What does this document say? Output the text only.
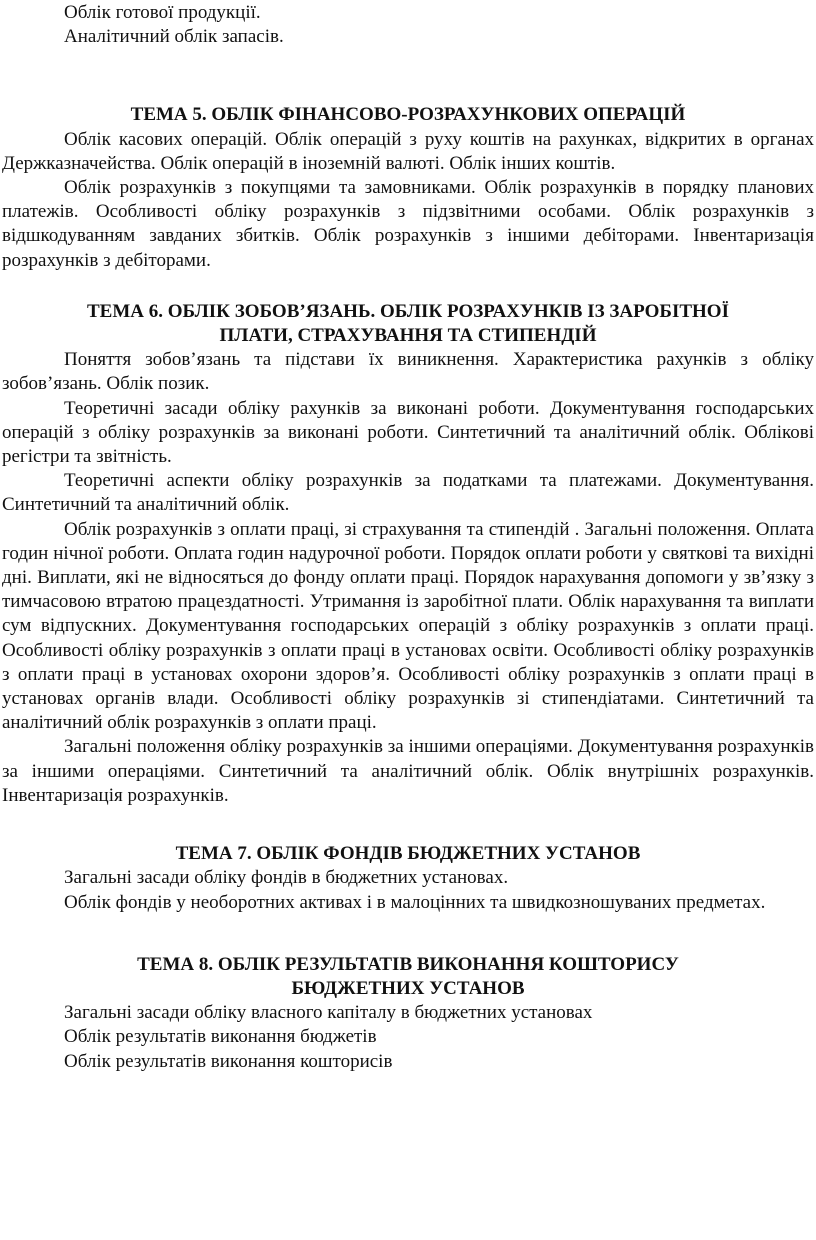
Облік готової продукції.

Аналітичний облік запасів.

ТЕМА 5. ОБЛІК ФІНАНСОВО-РОЗРАХУНКОВИХ ОПЕРАЦІЙ

Облік касових операцій. Облік операцій з руху коштів на рахунках, відкритих в органах Держказначейства. Облік операцій в іноземній валюті. Облік інших коштів.

Облік розрахунків з покупцями та замовниками. Облік розрахунків в порядку планових платежів. Особливості обліку розрахунків з підзвітними особами. Облік розрахунків з відшкодуванням завданих збитків. Облік розрахунків з іншими дебіторами. Інвентаризація розрахунків з дебіторами.

ТЕМА 6. ОБЛІК ЗОБОВ’ЯЗАНЬ. ОБЛІК РОЗРАХУНКІВ ІЗ ЗАРОБІТНОЇ
ПЛАТИ, СТРАХУВАННЯ ТА СТИПЕНДІЙ

Поняття зобов’язань та підстави їх виникнення. Характеристика рахунків з обліку зобов’язань. Облік позик.

Теоретичні засади обліку рахунків за виконані роботи. Документування господарських операцій з обліку розрахунків за виконані роботи. Синтетичний та аналітичний облік. Облікові регістри та звітність.

Теоретичні аспекти обліку розрахунків за податками та платежами. Документування. Синтетичний та аналітичний облік.

Облік розрахунків з оплати праці, зі страхування та стипендій . Загальні положення. Оплата годин нічної роботи. Оплата годин надурочної роботи. Порядок оплати роботи у святкові та вихідні дні. Виплати, які не відносяться до фонду оплати праці. Порядок нарахування допомоги у зв’язку з тимчасовою втратою працездатності. Утримання із заробітної плати. Облік нарахування та виплати сум відпускних. Документування господарських операцій з обліку розрахунків з оплати праці. Особливості обліку розрахунків з оплати праці в установах освіти. Особливості обліку розрахунків з оплати праці в установах охорони здоров’я. Особливості обліку розрахунків з оплати праці в установах органів влади. Особливості обліку розрахунків зі стипендіатами. Синтетичний та аналітичний облік розрахунків з оплати праці.

Загальні положення обліку розрахунків за іншими операціями. Документування розрахунків за іншими операціями. Синтетичний та аналітичний облік. Облік внутрішніх розрахунків. Інвентаризація розрахунків.

ТЕМА 7. ОБЛІК ФОНДІВ БЮДЖЕТНИХ УСТАНОВ

Загальні засади обліку фондів в бюджетних установах.

Облік фондів у необоротних активах і в малоцінних та швидкозношуваних предметах.

ТЕМА 8. ОБЛІК РЕЗУЛЬТАТІВ ВИКОНАННЯ КОШТОРИСУ
БЮДЖЕТНИХ УСТАНОВ

Загальні засади обліку власного капіталу в бюджетних установах

Облік результатів виконання бюджетів

Облік результатів виконання кошторисів
